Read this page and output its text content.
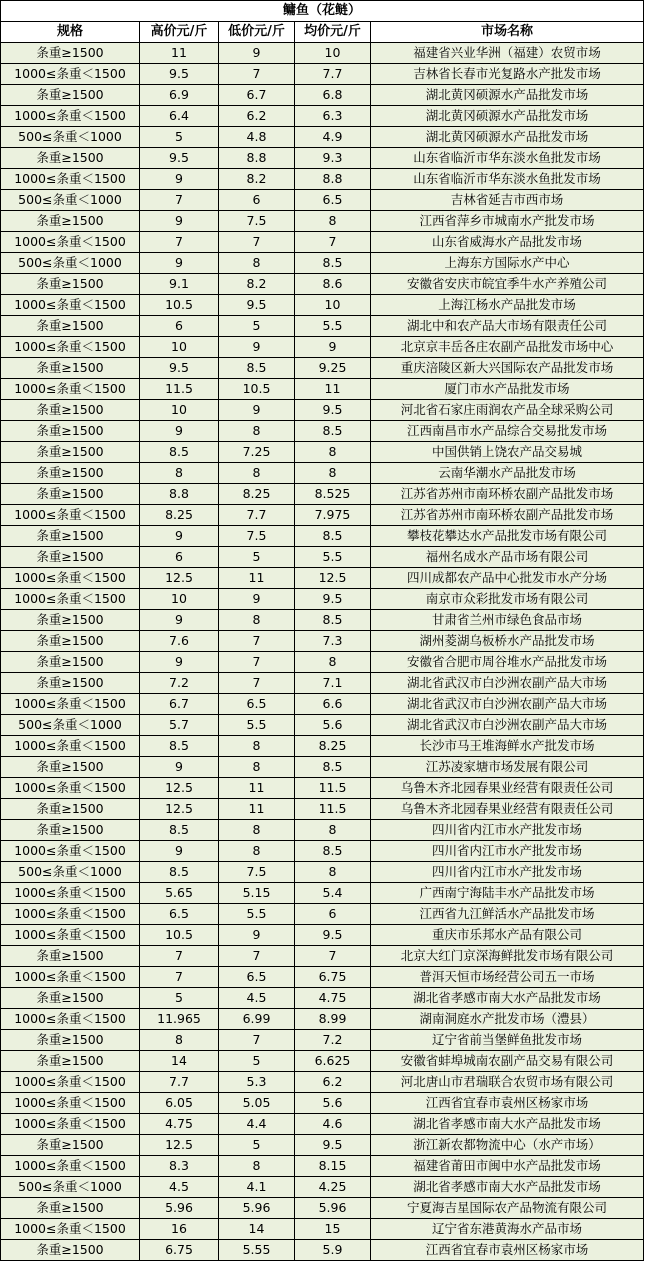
鳙鱼（花鲢）				
规格	高价元/斤	低价元/斤	均价元/斤	市场名称
条重≥1500	11	9	10	福建省兴业华洲（福建）农贸市场
1000≤条重＜1500	9.5	7	7.7	吉林省长春市光复路水产批发市场
条重≥1500	6.9	6.7	6.8	湖北黄冈硕源水产品批发市场
1000≤条重＜1500	6.4	6.2	6.3	湖北黄冈硕源水产品批发市场
500≤条重＜1000	5	4.8	4.9	湖北黄冈硕源水产品批发市场
条重≥1500	9.5	8.8	9.3	山东省临沂市华东淡水鱼批发市场
1000≤条重＜1500	9	8.2	8.8	山东省临沂市华东淡水鱼批发市场
500≤条重＜1000	7	6	6.5	吉林省延吉市西市场
条重≥1500	9	7.5	8	江西省萍乡市城南水产批发市场
1000≤条重＜1500	7	7	7	山东省威海水产品批发市场
500≤条重＜1000	9	8	8.5	上海东方国际水产中心
条重≥1500	9.1	8.2	8.6	安徽省安庆市皖宜季牛水产养殖公司
1000≤条重＜1500	10.5	9.5	10	上海江杨水产品批发市场
条重≥1500	6	5	5.5	湖北中和农产品大市场有限责任公司
1000≤条重＜1500	10	9	9	北京京丰岳各庄农副产品批发市场中心
条重≥1500	9.5	8.5	9.25	重庆涪陵区新大兴国际农产品批发市场
1000≤条重＜1500	11.5	10.5	11	厦门市水产品批发市场
条重≥1500	10	9	9.5	河北省石家庄雨润农产品全球采购公司
条重≥1500	9	8	8.5	江西南昌市水产品综合交易批发市场
条重≥1500	8.5	7.25	8	中国供销上饶农产品交易城
条重≥1500	8	8	8	云南华潮水产品批发市场
条重≥1500	8.8	8.25	8.525	江苏省苏州市南环桥农副产品批发市场
1000≤条重＜1500	8.25	7.7	7.975	江苏省苏州市南环桥农副产品批发市场
条重≥1500	9	7.5	8.5	攀枝花攀达水产品批发市场有限公司
条重≥1500	6	5	5.5	福州名成水产品市场有限公司
1000≤条重＜1500	12.5	11	12.5	四川成都农产品中心批发市水产分场
1000≤条重＜1500	10	9	9.5	南京市众彩批发市场有限公司
条重≥1500	9	8	8.5	甘肃省兰州市绿色食品市场
条重≥1500	7.6	7	7.3	湖州菱湖乌板桥水产品批发市场
条重≥1500	9	7	8	安徽省合肥市周谷堆水产品批发市场
条重≥1500	7.2	7	7.1	湖北省武汉市白沙洲农副产品大市场
1000≤条重＜1500	6.7	6.5	6.6	湖北省武汉市白沙洲农副产品大市场
500≤条重＜1000	5.7	5.5	5.6	湖北省武汉市白沙洲农副产品大市场
1000≤条重＜1500	8.5	8	8.25	长沙市马王堆海鲜水产批发市场
条重≥1500	9	8	8.5	江苏凌家塘市场发展有限公司
1000≤条重＜1500	12.5	11	11.5	乌鲁木齐北园春果业经营有限责任公司
条重≥1500	12.5	11	11.5	乌鲁木齐北园春果业经营有限责任公司
条重≥1500	8.5	8	8	四川省内江市水产批发市场
1000≤条重＜1500	9	8	8.5	四川省内江市水产批发市场
500≤条重＜1000	8.5	7.5	8	四川省内江市水产批发市场
1000≤条重＜1500	5.65	5.15	5.4	广西南宁海陆丰水产品批发市场
1000≤条重＜1500	6.5	5.5	6	江西省九江鲜活水产品批发市场
1000≤条重＜1500	10.5	9	9.5	重庆市乐邦水产品有限公司
条重≥1500	7	7	7	北京大红门京深海鲜批发市场有限公司
1000≤条重＜1500	7	6.5	6.75	普洱天恒市场经营公司五一市场
条重≥1500	5	4.5	4.75	湖北省孝感市南大水产品批发市场
1000≤条重＜1500	11.965	6.99	8.99	湖南洞庭水产批发市场（澧县）
条重≥1500	8	7	7.2	辽宁省前当堡鲜鱼批发市场
条重≥1500	14	5	6.625	安徽省蚌埠城南农副产品交易有限公司
1000≤条重＜1500	7.7	5.3	6.2	河北唐山市君瑞联合农贸市场有限公司
1000≤条重＜1500	6.05	5.05	5.6	江西省宜春市袁州区杨家市场
1000≤条重＜1500	4.75	4.4	4.6	湖北省孝感市南大水产品批发市场
条重≥1500	12.5	5	9.5	浙江新农都物流中心（水产市场）
1000≤条重＜1500	8.3	8	8.15	福建省莆田市闽中水产品批发市场
500≤条重＜1000	4.5	4.1	4.25	湖北省孝感市南大水产品批发市场
条重≥1500	5.96	5.96	5.96	宁夏海吉星国际农产品物流有限公司
1000≤条重＜1500	16	14	15	辽宁省东港黄海水产品市场
条重≥1500	6.75	5.55	5.9	江西省宜春市袁州区杨家市场
